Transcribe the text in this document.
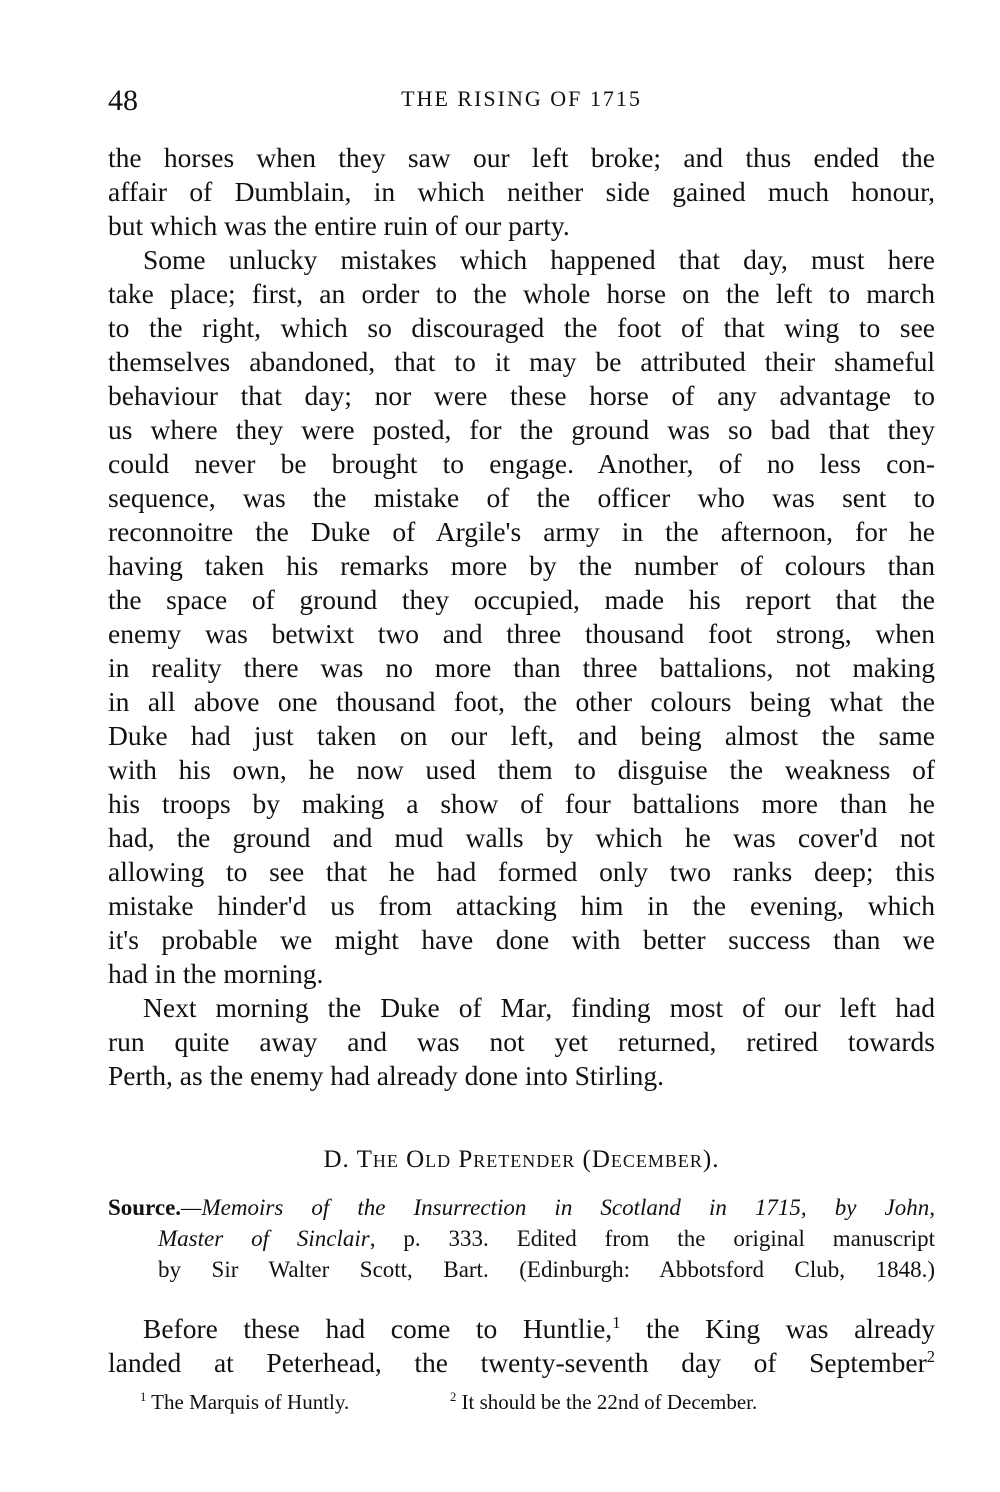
48	THE RISING OF 1715
the horses when they saw our left broke; and thus ended the
affair of Dumblain, in which neither side gained much honour,
but which was the entire ruin of our party.
Some unlucky mistakes which happened that day, must here
take place; first, an order to the whole horse on the left to march
to the right, which so discouraged the foot of that wing to see
themselves abandoned, that to it may be attributed their shameful
behaviour that day; nor were these horse of any advantage to
us where they were posted, for the ground was so bad that they
could never be brought to engage. Another, of no less con-
sequence, was the mistake of the officer who was sent to
reconnoitre the Duke of Argile's army in the afternoon, for he
having taken his remarks more by the number of colours than
the space of ground they occupied, made his report that the
enemy was betwixt two and three thousand foot strong, when
in reality there was no more than three battalions, not making
in all above one thousand foot, the other colours being what the
Duke had just taken on our left, and being almost the same
with his own, he now used them to disguise the weakness of
his troops by making a show of four battalions more than he
had, the ground and mud walls by which he was cover'd not
allowing to see that he had formed only two ranks deep; this
mistake hinder'd us from attacking him in the evening, which
it's probable we might have done with better success than we
had in the morning.
Next morning the Duke of Mar, finding most of our left had
run quite away and was not yet returned, retired towards
Perth, as the enemy had already done into Stirling.
D. The Old Pretender (December).
Source.—Memoirs of the Insurrection in Scotland in 1715, by John,
Master of Sinclair, p. 333. Edited from the original manuscript
by Sir Walter Scott, Bart. (Edinburgh: Abbotsford Club, 1848.)
Before these had come to Huntlie,$^1$ the King was already
landed at Peterhead, the twenty-seventh day of September$^2$
$^1$ The Marquis of Huntly.	$^2$ It should be the 22nd of December.
